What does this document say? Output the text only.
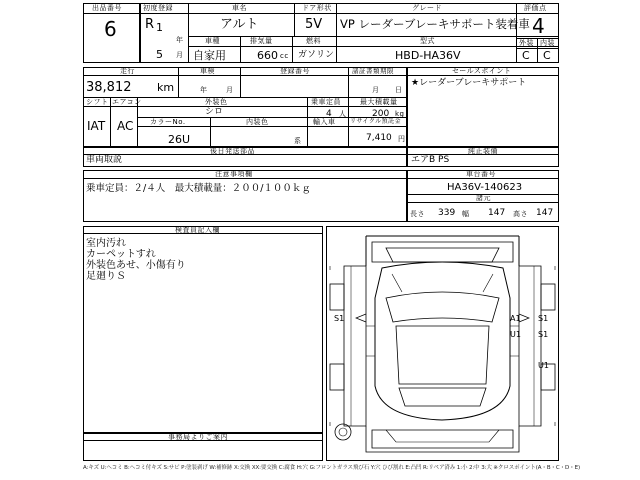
出品番号
6
初度登録
R 1
年
5 月
車名
アルト
ドア形状
5V
グレード
VP レーダーブレーキサポート装着車
車種
自家用
排気量
660 cc
燃料
ガソリン
型式
HBD-HA36V
評価点
4
外装 内装
C C
走行
38,812 km
車検
年	月
登録番号	諸証書類期限
月 日
シフト
IAT
エアコン
AC
外装色
シロ
カラーNo.
26U
内装色
系
乗車定員
4 人
輸入車
最大積載量
200 kg
リサイクル預託金
7,410 円
セールスポイント
★レーダーブレーキサポート
後日発送部品
車両取説
純正装備
エアB PS
注意事項欄
乗車定員：２/４人　最大積載量：２００/１００ｋｇ
車台番号
HA36V-140623
諸元
長さ 339 幅 147 高さ 147
検査員記入欄
室内汚れ
カーペットすれ
外装色あせ、小傷有り
足廻りＳ
事務局よりご案内
S1	A1
U1
S1
U1
S1
A:キズ U:ヘコミ B:ヘコミ付キズ S:サビ P:塗装剥げ W:補修跡 X:交換 XX:要交換 C:腐食 H:穴 G:フロントガラス飛び石 Y:穴 ひび割れ E:凸凹 R:リペア済み 1:小 2:中 3:大 ※クロスポイント(A・B・C・D・E)
